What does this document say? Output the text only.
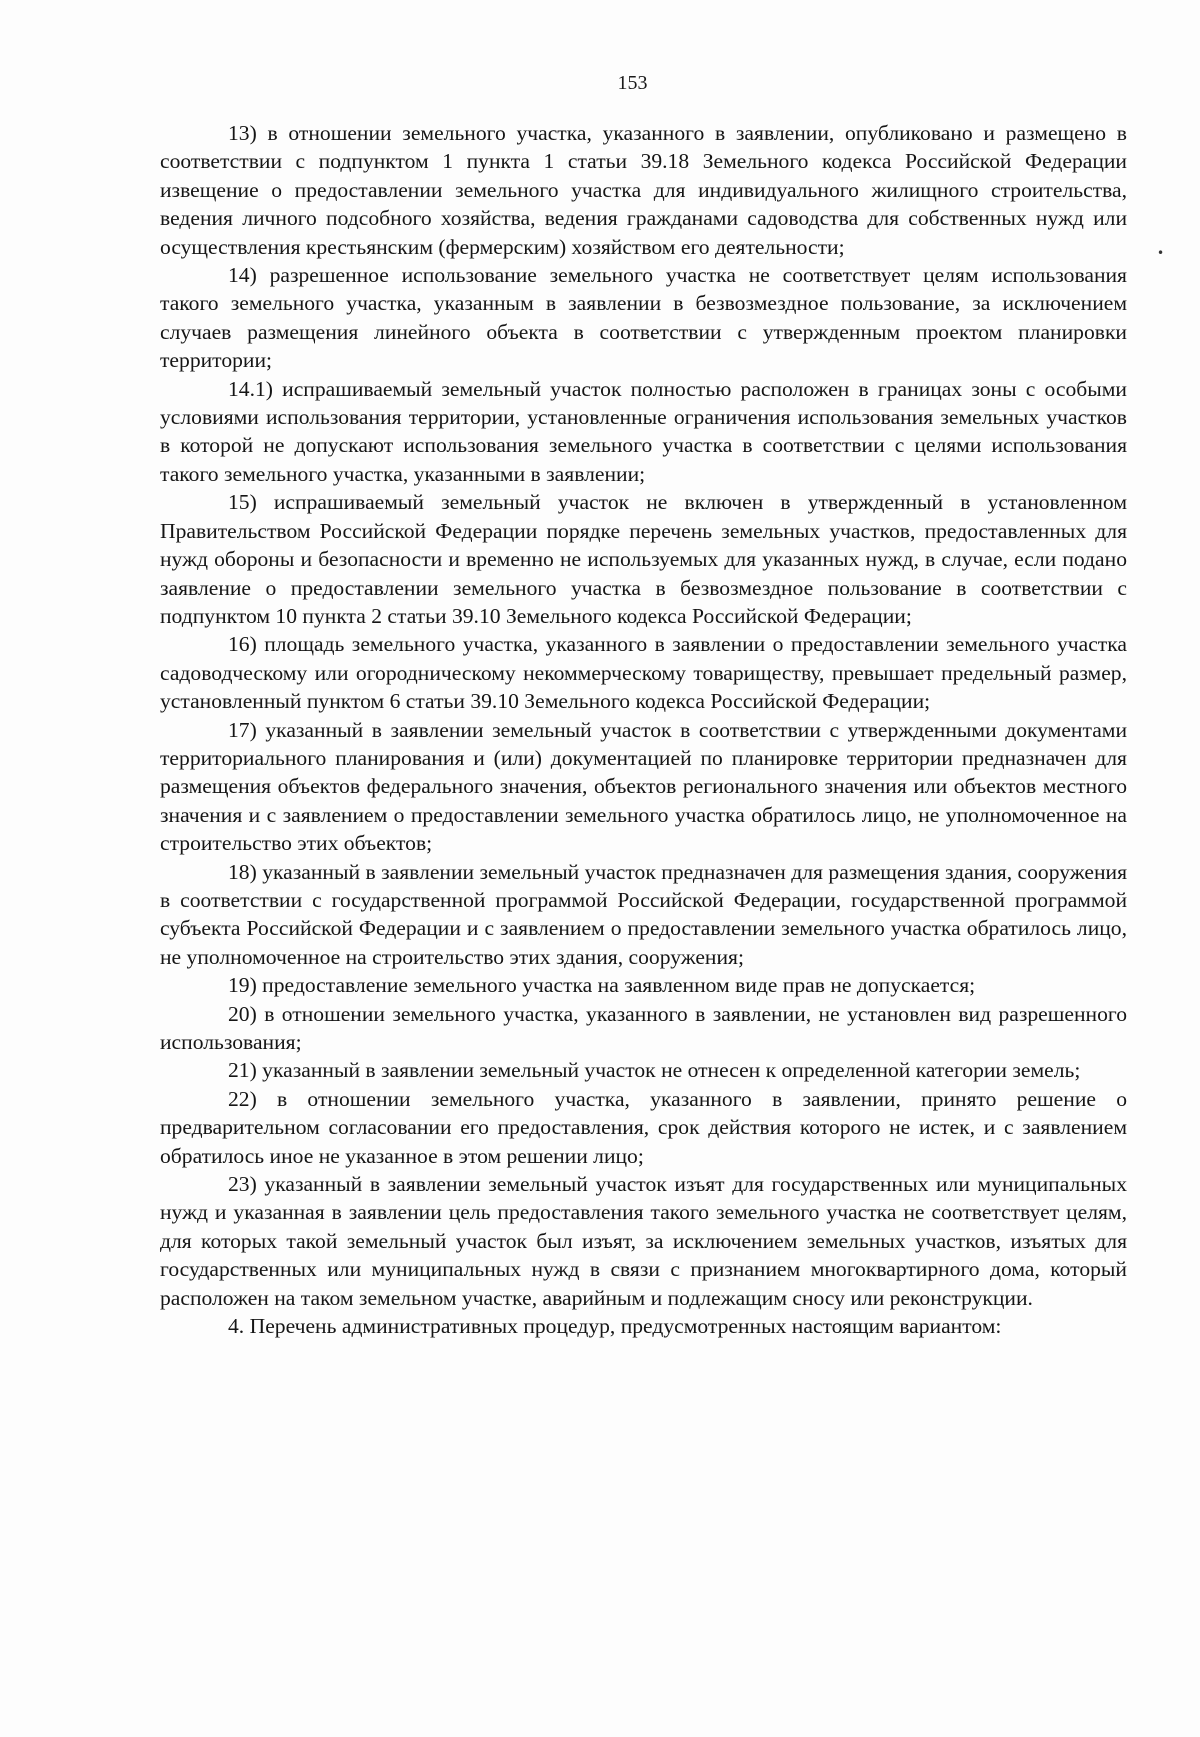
153

13) в отношении земельного участка, указанного в заявлении, опубликовано и размещено в соответствии с подпунктом 1 пункта 1 статьи 39.18 Земельного кодекса Российской Федерации извещение о предоставлении земельного участка для индивидуального жилищного строительства, ведения личного подсобного хозяйства, ведения гражданами садоводства для собственных нужд или осуществления крестьянским (фермерским) хозяйством его деятельности;

14) разрешенное использование земельного участка не соответствует целям использования такого земельного участка, указанным в заявлении в безвозмездное пользование, за исключением случаев размещения линейного объекта в соответствии с утвержденным проектом планировки территории;

14.1) испрашиваемый земельный участок полностью расположен в границах зоны с особыми условиями использования территории, установленные ограничения использования земельных участков в которой не допускают использования земельного участка в соответствии с целями использования такого земельного участка, указанными в заявлении;

15) испрашиваемый земельный участок не включен в утвержденный в установленном Правительством Российской Федерации порядке перечень земельных участков, предоставленных для нужд обороны и безопасности и временно не используемых для указанных нужд, в случае, если подано заявление о предоставлении земельного участка в безвозмездное пользование в соответствии с подпунктом 10 пункта 2 статьи 39.10 Земельного кодекса Российской Федерации;

16) площадь земельного участка, указанного в заявлении о предоставлении земельного участка садоводческому или огородническому некоммерческому товариществу, превышает предельный размер, установленный пунктом 6 статьи 39.10 Земельного кодекса Российской Федерации;

17) указанный в заявлении земельный участок в соответствии с утвержденными документами территориального планирования и (или) документацией по планировке территории предназначен для размещения объектов федерального значения, объектов регионального значения или объектов местного значения и с заявлением о предоставлении земельного участка обратилось лицо, не уполномоченное на строительство этих объектов;

18) указанный в заявлении земельный участок предназначен для размещения здания, сооружения в соответствии с государственной программой Российской Федерации, государственной программой субъекта Российской Федерации и с заявлением о предоставлении земельного участка обратилось лицо, не уполномоченное на строительство этих здания, сооружения;

19) предоставление земельного участка на заявленном виде прав не допускается;

20) в отношении земельного участка, указанного в заявлении, не установлен вид разрешенного использования;

21) указанный в заявлении земельный участок не отнесен к определенной категории земель;

22) в отношении земельного участка, указанного в заявлении, принято решение о предварительном согласовании его предоставления, срок действия которого не истек, и с заявлением обратилось иное не указанное в этом решении лицо;

23) указанный в заявлении земельный участок изъят для государственных или муниципальных нужд и указанная в заявлении цель предоставления такого земельного участка не соответствует целям, для которых такой земельный участок был изъят, за исключением земельных участков, изъятых для государственных или муниципальных нужд в связи с признанием многоквартирного дома, который расположен на таком земельном участке, аварийным и подлежащим сносу или реконструкции.

4. Перечень административных процедур, предусмотренных настоящим вариантом:

•
